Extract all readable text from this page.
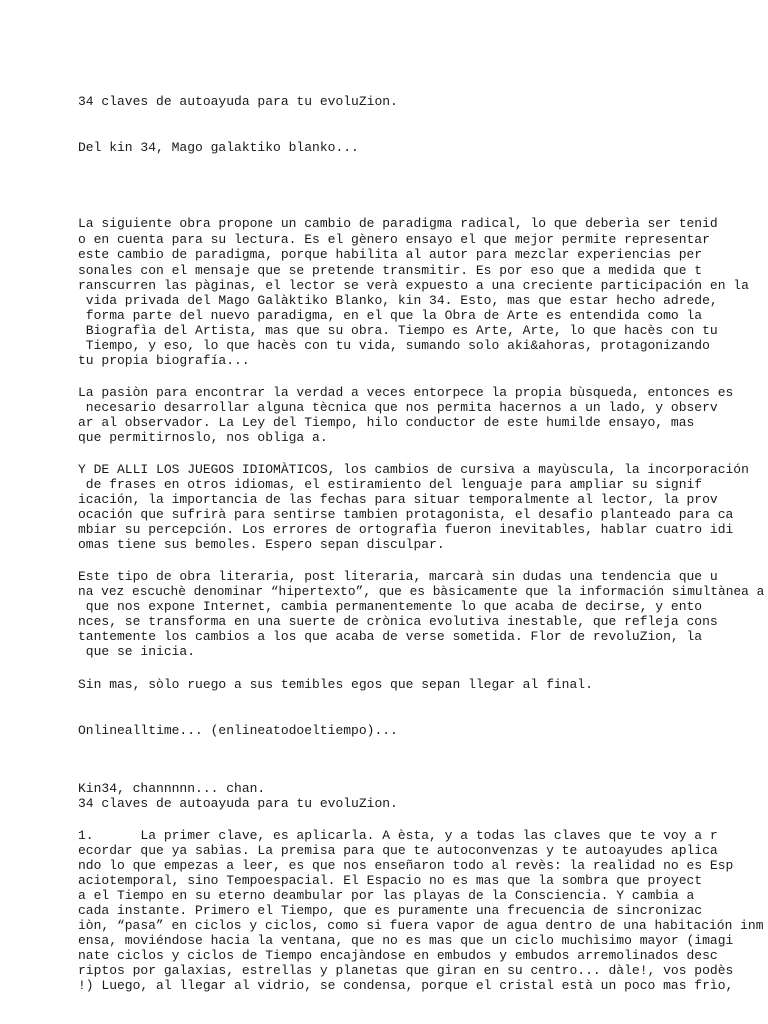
34 claves de autoayuda para tu evoluZion.
Del kin 34, Mago galaktiko blanko...
La siguiente obra propone un cambio de paradigma radical, lo que deberìa ser tenid
o en cuenta para su lectura. Es el gènero ensayo el que mejor permite representar
este cambio de paradigma, porque habilita al autor para mezclar experiencias per
sonales con el mensaje que se pretende transmitir. Es por eso que a medida que t
ranscurren las pàginas, el lector se verà expuesto a una creciente participación en la
vida privada del Mago Galàktiko Blanko, kin 34. Esto, mas que estar hecho adrede,
forma parte del nuevo paradigma, en el que la Obra de Arte es entendida como la
Biografìa del Artista, mas que su obra. Tiempo es Arte, Arte, lo que hacès con tu
Tiempo, y eso, lo que hacès con tu vida, sumando solo aki&ahoras, protagonizando
tu propia biografía...
La pasiòn para encontrar la verdad a veces entorpece la propia bùsqueda, entonces es
necesario desarrollar alguna tècnica que nos permita hacernos a un lado, y observ
ar al observador. La Ley del Tiempo, hilo conductor de este humilde ensayo, mas
que permitirnoslo, nos obliga a.
Y DE ALLI LOS JUEGOS IDIOMÀTICOS, los cambios de cursiva a mayùscula, la incorporación
de frases en otros idiomas, el estiramiento del lenguaje para ampliar su signif
icación, la importancia de las fechas para situar temporalmente al lector, la prov
ocación que sufrirà para sentirse tambien protagonista, el desafio planteado para ca
mbiar su percepción. Los errores de ortografìa fueron inevitables, hablar cuatro idi
omas tiene sus bemoles. Espero sepan disculpar.
Este tipo de obra literaria, post literaria, marcarà sin dudas una tendencia que u
na vez escuchè denominar “hipertexto”, que es bàsicamente que la información simultànea a
que nos expone Internet, cambia permanentemente lo que acaba de decirse, y ento
nces, se transforma en una suerte de crònica evolutiva inestable, que refleja cons
tantemente los cambios a los que acaba de verse sometida. Flor de revoluZion, la
que se inicia.
Sin mas, sòlo ruego a sus temibles egos que sepan llegar al final.
Onlinealltime... (enlineatodoeltiempo)...
Kin34, channnnn... chan.
34 claves de autoayuda para tu evoluZion.
1.      La primer clave, es aplicarla. A èsta, y a todas las claves que te voy a r
ecordar que ya sabìas. La premisa para que te autoconvenzas y te autoayudes aplica
ndo lo que empezas a leer, es que nos enseñaron todo al revès: la realidad no es Esp
aciotemporal, sino Tempoespacial. El Espacio no es mas que la sombra que proyect
a el Tiempo en su eterno deambular por las playas de la Consciencia. Y cambia a
cada instante. Primero el Tiempo, que es puramente una frecuencia de sincronizac
iòn, “pasa” en ciclos y ciclos, como si fuera vapor de agua dentro de una habitación inm
ensa, moviéndose hacia la ventana, que no es mas que un ciclo muchìsimo mayor (imagi
nate ciclos y ciclos de Tiempo encajàndose en embudos y embudos arremolinados desc
riptos por galaxias, estrellas y planetas que giran en su centro... dàle!, vos podès
!) Luego, al llegar al vidrio, se condensa, porque el cristal està un poco mas frìo,
